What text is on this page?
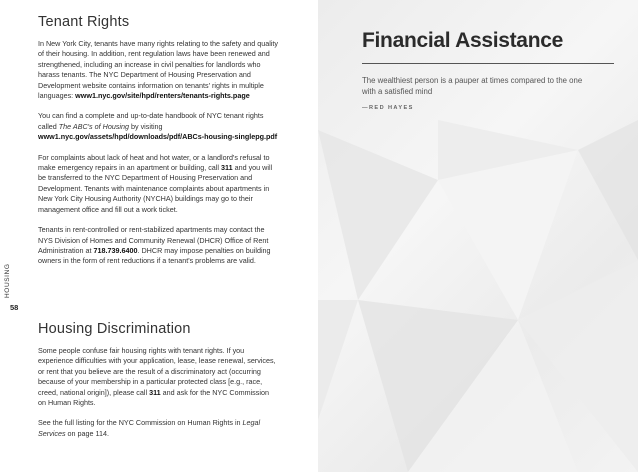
HOUSING
58
Tenant Rights

In New York City, tenants have many rights relating to the safety and quality of their housing. In addition, rent regulation laws have been renewed and strengthened, including an increase in civil penalties for landlords who harass tenants. The NYC Department of Housing Preservation and Development website contains information on tenants' rights in multiple languages: www1.nyc.gov/site/hpd/renters/tenants-rights.page

You can find a complete and up-to-date handbook of NYC tenant rights called The ABC's of Housing by visiting www1.nyc.gov/assets/hpd/downloads/pdf/ABCs-housing-singlepg.pdf

For complaints about lack of heat and hot water, or a landlord's refusal to make emergency repairs in an apartment or building, call 311 and you will be transferred to the NYC Department of Housing Preservation and Development. Tenants with maintenance complaints about apartments in New York City Housing Authority (NYCHA) buildings may go to their management office and fill out a work ticket.

Tenants in rent-controlled or rent-stabilized apartments may contact the NYS Division of Homes and Community Renewal (DHCR) Office of Rent Administration at 718.739.6400. DHCR may impose penalties on building owners in the form of rent reductions if a tenant's problems are valid.

Housing Discrimination

Some people confuse fair housing rights with tenant rights. If you experience difficulties with your application, lease, lease renewal, services, or rent that you believe are the result of a discriminatory act (occurring because of your membership in a particular protected class [e.g., race, creed, national origin]), please call 311 and ask for the NYC Commission on Human Rights.

See the full listing for the NYC Commission on Human Rights in Legal Services on page 114.

Financial Assistance
The wealthiest person is a pauper at times compared to the one with a satisfied mind
—RED HAYES
